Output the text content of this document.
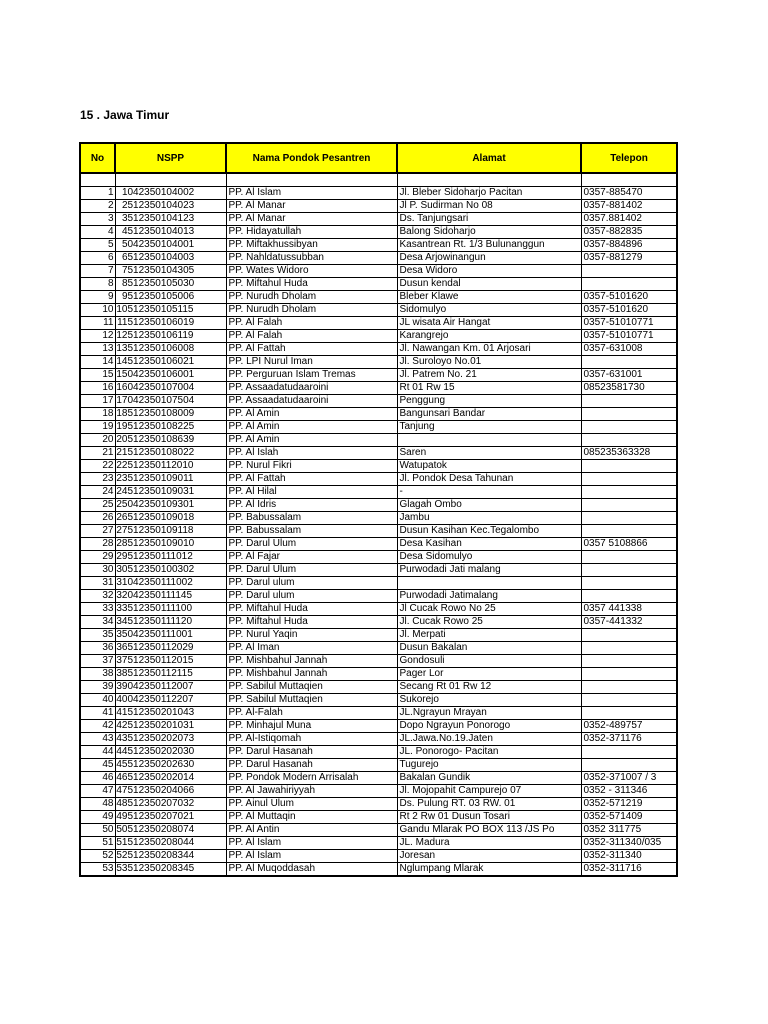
15 . Jawa Timur
No	NSPP	Nama Pondok Pesantren	Alamat	Telepon

1	1042350104002	PP. Al Islam	Jl. Bleber Sidoharjo Pacitan	0357-885470
2	2512350104023	PP. Al Manar	Jl P. Sudirman No 08	0357-881402
3	3512350104123	PP. Al Manar	Ds. Tanjungsari	0357.881402
4	4512350104013	PP. Hidayatullah	Balong Sidoharjo	0357-882835
5	5042350104001	PP. Miftakhussibyan	Kasantrean Rt. 1/3 Bulunanggun	0357-884896
6	6512350104003	PP. Nahldatussubban	Desa Arjowinangun	0357-881279
7	7512350104305	PP. Wates Widoro	Desa Widoro	
8	8512350105030	PP. Miftahul Huda	Dusun kendal	
9	9512350105006	PP. Nurudh Dholam	Bleber Klawe	0357-5101620
10	10512350105115	PP. Nurudh Dholam	Sidomulyo	0357-5101620
11	11512350106019	PP. Al Falah	JL wisata Air Hangat	0357-51010771
12	12512350106119	PP. Al Falah	Karangrejo	0357-51010771
13	13512350106008	PP. Al Fattah	Jl. Nawangan Km. 01 Arjosari	0357-631008
14	14512350106021	PP. LPI Nurul Iman	Jl. Suroloyo No.01	
15	15042350106001	PP. Perguruan Islam Tremas	Jl. Patrem No. 21	0357-631001
16	16042350107004	PP. Assaadatudaaroini	Rt 01 Rw 15	08523581730
17	17042350107504	PP. Assaadatudaaroini	Penggung	
18	18512350108009	PP. Al Amin	Bangunsari Bandar	
19	19512350108225	PP. Al Amin	Tanjung	
20	20512350108639	PP. Al Amin		
21	21512350108022	PP. Al Islah	Saren	085235363328
22	22512350112010	PP. Nurul Fikri	Watupatok	
23	23512350109011	PP. Al Fattah	Jl. Pondok Desa Tahunan	
24	24512350109031	PP. Al Hilal	-	
25	25042350109301	PP. Al Idris	Glagah Ombo	
26	26512350109018	PP. Babussalam	Jambu	
27	27512350109118	PP. Babussalam	Dusun Kasihan Kec.Tegalombo	
28	28512350109010	PP. Darul Ulum	Desa Kasihan	0357 5108866
29	29512350111012	PP. Al Fajar	Desa Sidomulyo	
30	30512350100302	PP. Darul Ulum	Purwodadi Jati malang	
31	31042350111002	PP. Darul ulum		
32	32042350111145	PP. Darul ulum	Purwodadi Jatimalang	
33	33512350111100	PP. Miftahul Huda	Jl Cucak Rowo No 25	0357 441338
34	34512350111120	PP. Miftahul Huda	Jl. Cucak Rowo 25	0357-441332
35	35042350111001	PP. Nurul Yaqin	Jl. Merpati	
36	36512350112029	PP. Al Iman	Dusun Bakalan	
37	37512350112015	PP. Mishbahul Jannah	Gondosuli	
38	38512350112115	PP. Mishbahul Jannah	Pager Lor	
39	39042350112007	PP. Sabilul Muttaqien	Secang Rt 01 Rw 12	
40	40042350112207	PP. Sabilul Muttaqien	Sukorejo	
41	41512350201043	PP. Al-Falah	JL.Ngrayun Mrayan	
42	42512350201031	PP. Minhajul Muna	Dopo Ngrayun Ponorogo	0352-489757
43	43512350202073	PP. Al-Istiqomah	JL.Jawa.No.19.Jaten	0352-371176
44	44512350202030	PP. Darul Hasanah	JL. Ponorogo- Pacitan	
45	45512350202630	PP. Darul Hasanah	Tugurejo	
46	46512350202014	PP. Pondok Modern Arrisalah	Bakalan Gundik	0352-371007 / 3
47	47512350204066	PP. Al Jawahiriyyah	Jl. Mojopahit Campurejo 07	0352 - 311346
48	48512350207032	PP. Ainul Ulum	Ds. Pulung RT. 03 RW. 01	0352-571219
49	49512350207021	PP. Al Muttaqin	Rt 2 Rw 01 Dusun Tosari	0352-571409
50	50512350208074	PP. Al Antin	Gandu Mlarak PO BOX 113 /JS Po	0352 311775
51	51512350208044	PP. Al Islam	JL. Madura	0352-311340/035
52	52512350208344	PP. Al Islam	Joresan	0352-311340
53	53512350208345	PP. Al Muqoddasah	Nglumpang Mlarak	0352-311716
